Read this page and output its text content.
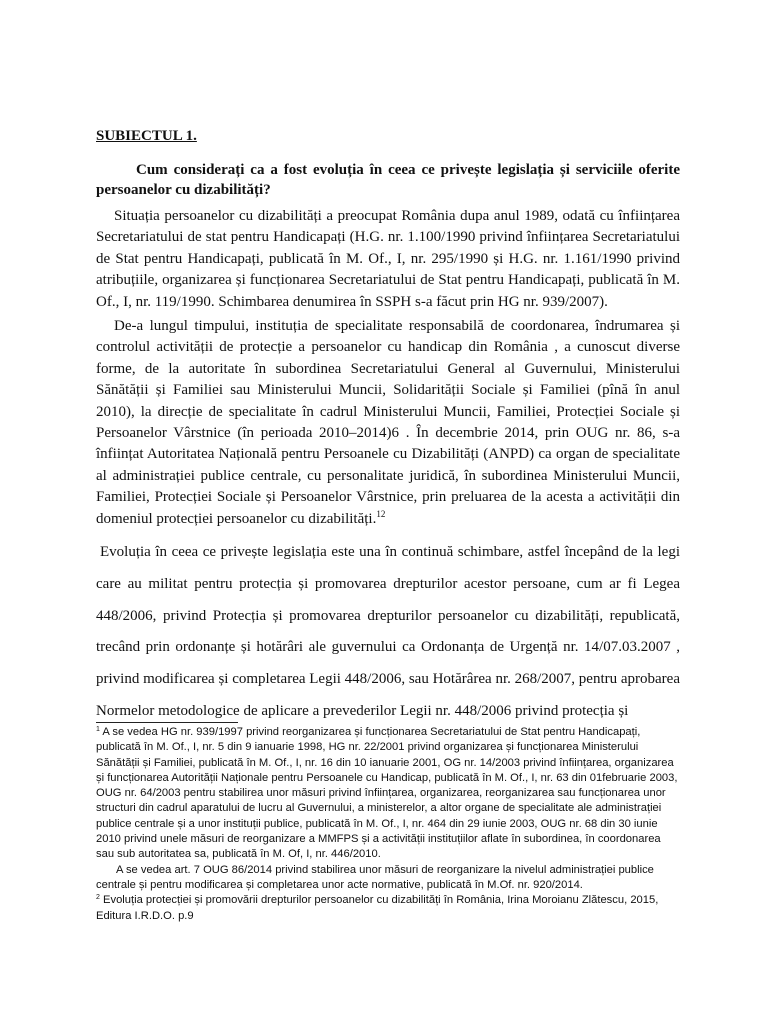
SUBIECTUL 1.

Cum considerați ca a fost evoluția în ceea ce privește legislația și serviciile oferite persoanelor cu dizabilități?

Situația persoanelor cu dizabilități a preocupat România dupa anul 1989, odată cu înființarea Secretariatului de stat pentru Handicapați (H.G. nr. 1.100/1990 privind înființarea Secretariatului de Stat pentru Handicapați, publicată în M. Of., I, nr. 295/1990 și H.G. nr. 1.161/1990 privind atribuțiile, organizarea și funcționarea Secretariatului de Stat pentru Handicapați, publicată în M. Of., I, nr. 119/1990. Schimbarea denumirea în SSPH s-a făcut prin HG nr. 939/2007).

De-a lungul timpului, instituția de specialitate responsabilă de coordonarea, îndrumarea și controlul activității de protecție a persoanelor cu handicap din România , a cunoscut diverse forme, de la autoritate în subordinea Secretariatului General al Guvernului, Ministerului Sănătății și Familiei sau Ministerului Muncii, Solidarității Sociale și Familiei (pînă în anul 2010), la direcție de specialitate în cadrul Ministerului Muncii, Familiei, Protecției Sociale și Persoanelor Vârstnice (în perioada 2010–2014)6 . În decembrie 2014, prin OUG nr. 86, s-a înființat Autoritatea Națională pentru Persoanele cu Dizabilități (ANPD) ca organ de specialitate al administrației publice centrale, cu personalitate juridică, în subordinea Ministerului Muncii, Familiei, Protecției Sociale și Persoanelor Vârstnice, prin preluarea de la acesta a activității din domeniul protecției persoanelor cu dizabilități.$^{12}$

Evoluția în ceea ce privește legislația este una în continuă schimbare, astfel începând de la legi care au militat pentru protecția și promovarea drepturilor acestor persoane, cum ar fi Legea 448/2006, privind Protecția și promovarea drepturilor persoanelor cu dizabilități, republicată, trecând prin ordonanțe și hotărâri ale guvernului ca Ordonanța de Urgență nr. 14/07.03.2007 , privind modificarea și completarea Legii 448/2006, sau Hotărârea nr. 268/2007, pentru aprobarea Normelor metodologice de aplicare a prevederilor Legii nr. 448/2006 privind protecția și

$^1$ A se vedea HG nr. 939/1997 privind reorganizarea și funcționarea Secretariatului de Stat pentru Handicapați, publicată în M. Of., I, nr. 5 din 9 ianuarie 1998, HG nr. 22/2001 privind organizarea și funcționarea Ministerului Sănătății și Familiei, publicată în M. Of., I, nr. 16 din 10 ianuarie 2001, OG nr. 14/2003 privind înființarea, organizarea și funcționarea Autorității Naționale pentru Persoanele cu Handicap, publicată în M. Of., I, nr. 63 din 01februarie 2003, OUG nr. 64/2003 pentru stabilirea unor măsuri privind înființarea, organizarea, reorganizarea sau funcționarea unor structuri din cadrul aparatului de lucru al Guvernului, a ministerelor, a altor organe de specialitate ale administrației publice centrale și a unor instituții publice, publicată în M. Of., I, nr. 464 din 29 iunie 2003, OUG nr. 68 din 30 iunie 2010 privind unele măsuri de reorganizare a MMFPS și a activității instituțiilor aflate în subordinea, în coordonarea sau sub autoritatea sa, publicată în M. Of, I, nr. 446/2010.

A se vedea art. 7 OUG 86/2014 privind stabilirea unor măsuri de reorganizare la nivelul administrației publice centrale și pentru modificarea și completarea unor acte normative, publicată în M.Of. nr. 920/2014.

$^2$ Evoluția protecției și promovării drepturilor persoanelor cu dizabilități în România, Irina Moroianu Zlătescu, 2015, Editura I.R.D.O. p.9
